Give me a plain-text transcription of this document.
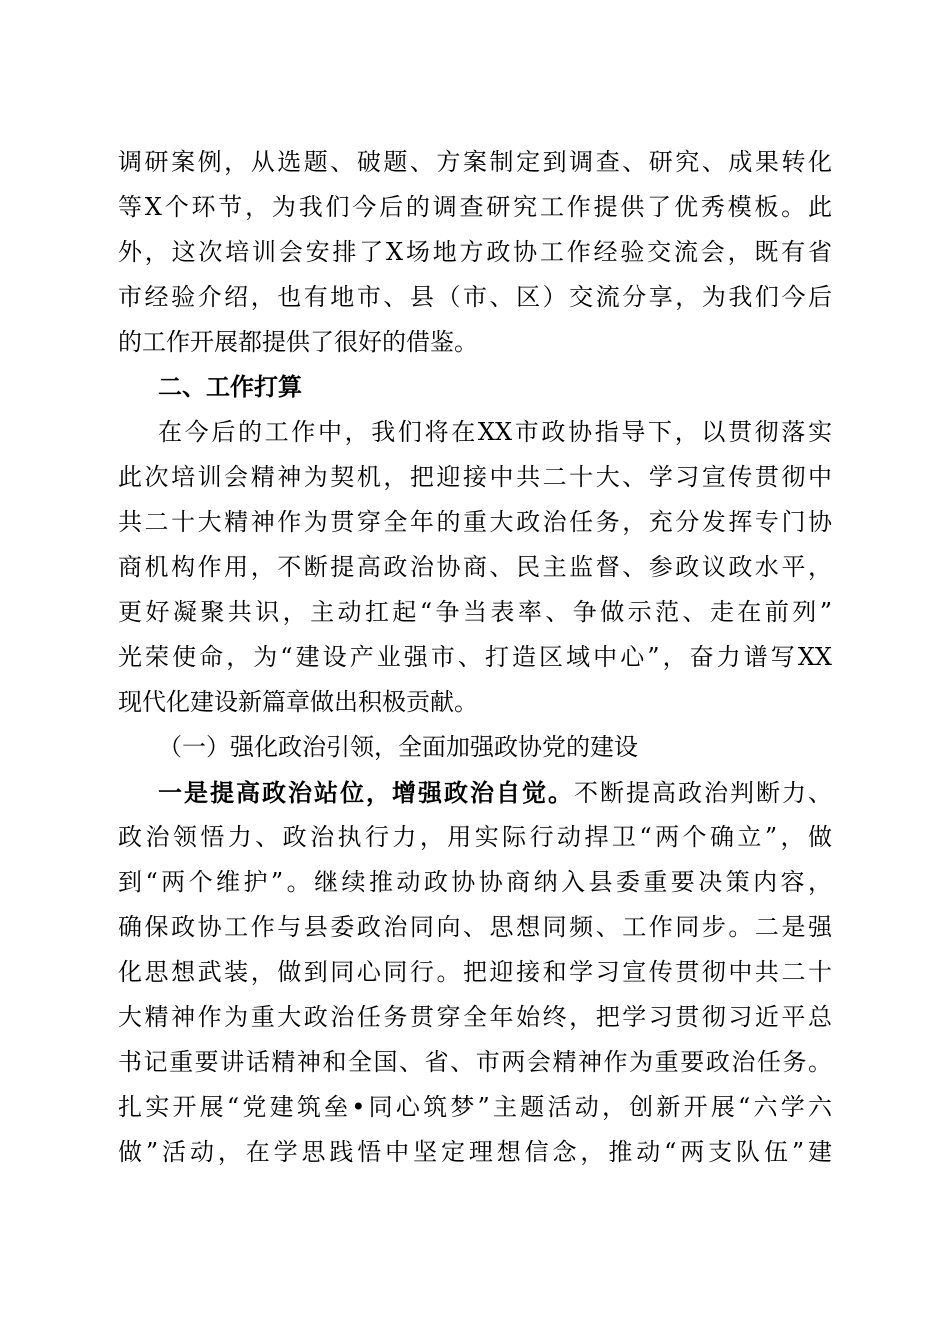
调研案例，从选题、破题、方案制定到调查、研究、成果转化
等X个环节，为我们今后的调查研究工作提供了优秀模板。此
外，这次培训会安排了X场地方政协工作经验交流会，既有省
市经验介绍，也有地市、县（市、区）交流分享，为我们今后
的工作开展都提供了很好的借鉴。
二、工作打算
在今后的工作中，我们将在XX市政协指导下，以贯彻落实
此次培训会精神为契机，把迎接中共二十大、学习宣传贯彻中
共二十大精神作为贯穿全年的重大政治任务，充分发挥专门协
商机构作用，不断提高政治协商、民主监督、参政议政水平，
更好凝聚共识，主动扛起“争当表率、争做示范、走在前列”
光荣使命，为“建设产业强市、打造区域中心”，奋力谱写XX
现代化建设新篇章做出积极贡献。
（一）强化政治引领，全面加强政协党的建设
一是提高政治站位，增强政治自觉。不断提高政治判断力、
政治领悟力、政治执行力，用实际行动捍卫“两个确立”，做
到“两个维护”。继续推动政协协商纳入县委重要决策内容，
确保政协工作与县委政治同向、思想同频、工作同步。二是强
化思想武装，做到同心同行。把迎接和学习宣传贯彻中共二十
大精神作为重大政治任务贯穿全年始终，把学习贯彻习近平总
书记重要讲话精神和全国、省、市两会精神作为重要政治任务。
扎实开展“党建筑垒•同心筑梦”主题活动，创新开展“六学六
做”活动，在学思践悟中坚定理想信念，推动“两支队伍”建
